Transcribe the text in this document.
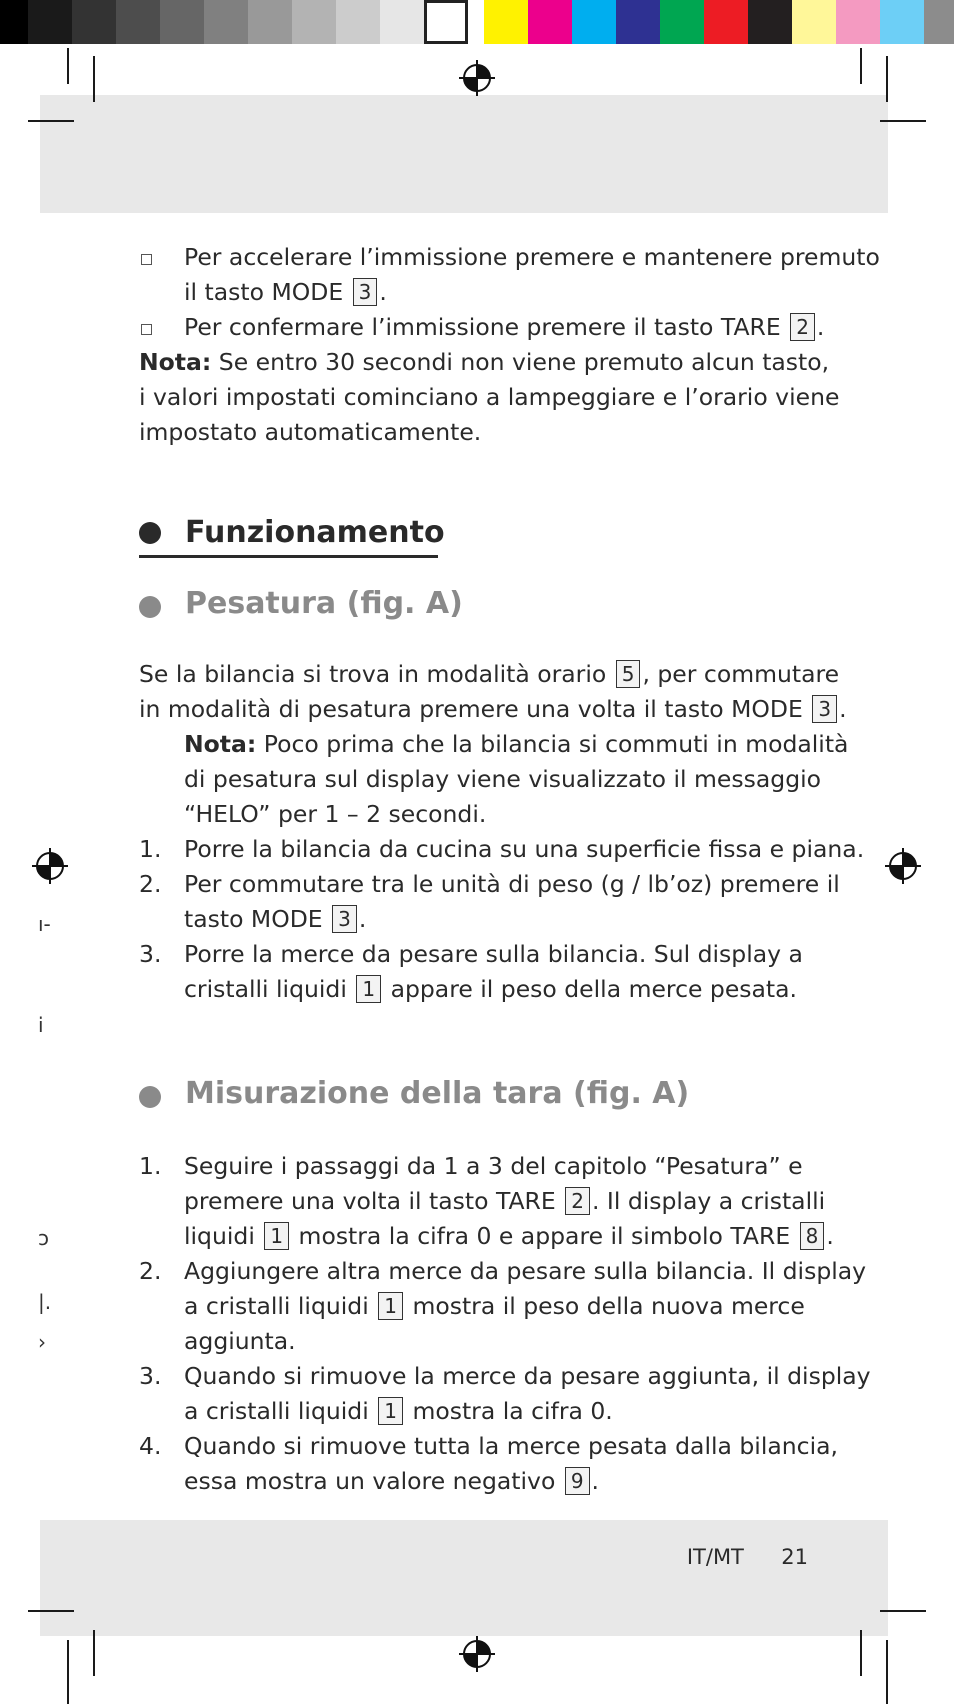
ı-
i
ɔ
|.
›
Per accelerare l’immissione premere e mantenere premuto
il tasto MODE 3 .
Per confermare l’immissione premere il tasto TARE 2 .
Nota: Se entro 30 secondi non viene premuto alcun tasto,
i valori impostati cominciano a lampeggiare e l’orario viene
impostato automaticamente.
Funzionamento
Pesatura (fig. A)
Se la bilancia si trova in modalità orario 5 , per commutare
in modalità di pesatura premere una volta il tasto MODE 3 .
Nota: Poco prima che la bilancia si commuti in modalità
di pesatura sul display viene visualizzato il messaggio
“HELO” per 1 – 2 secondi.
1. Porre la bilancia da cucina su una superficie fissa e piana.
2. Per commutare tra le unità di peso (g / lb’oz) premere il
tasto MODE 3 .
3. Porre la merce da pesare sulla bilancia. Sul display a
cristalli liquidi 1 appare il peso della merce pesata.
Misurazione della tara (fig. A)
1. Seguire i passaggi da 1 a 3 del capitolo “Pesatura” e
premere una volta il tasto TARE 2 . Il display a cristalli
liquidi 1 mostra la cifra 0 e appare il simbolo TARE 8 .
2. Aggiungere altra merce da pesare sulla bilancia. Il display
a cristalli liquidi 1 mostra il peso della nuova merce
aggiunta.
3. Quando si rimuove la merce da pesare aggiunta, il display
a cristalli liquidi 1 mostra la cifra 0.
4. Quando si rimuove tutta la merce pesata dalla bilancia,
essa mostra un valore negativo 9 .
IT/MT 21
